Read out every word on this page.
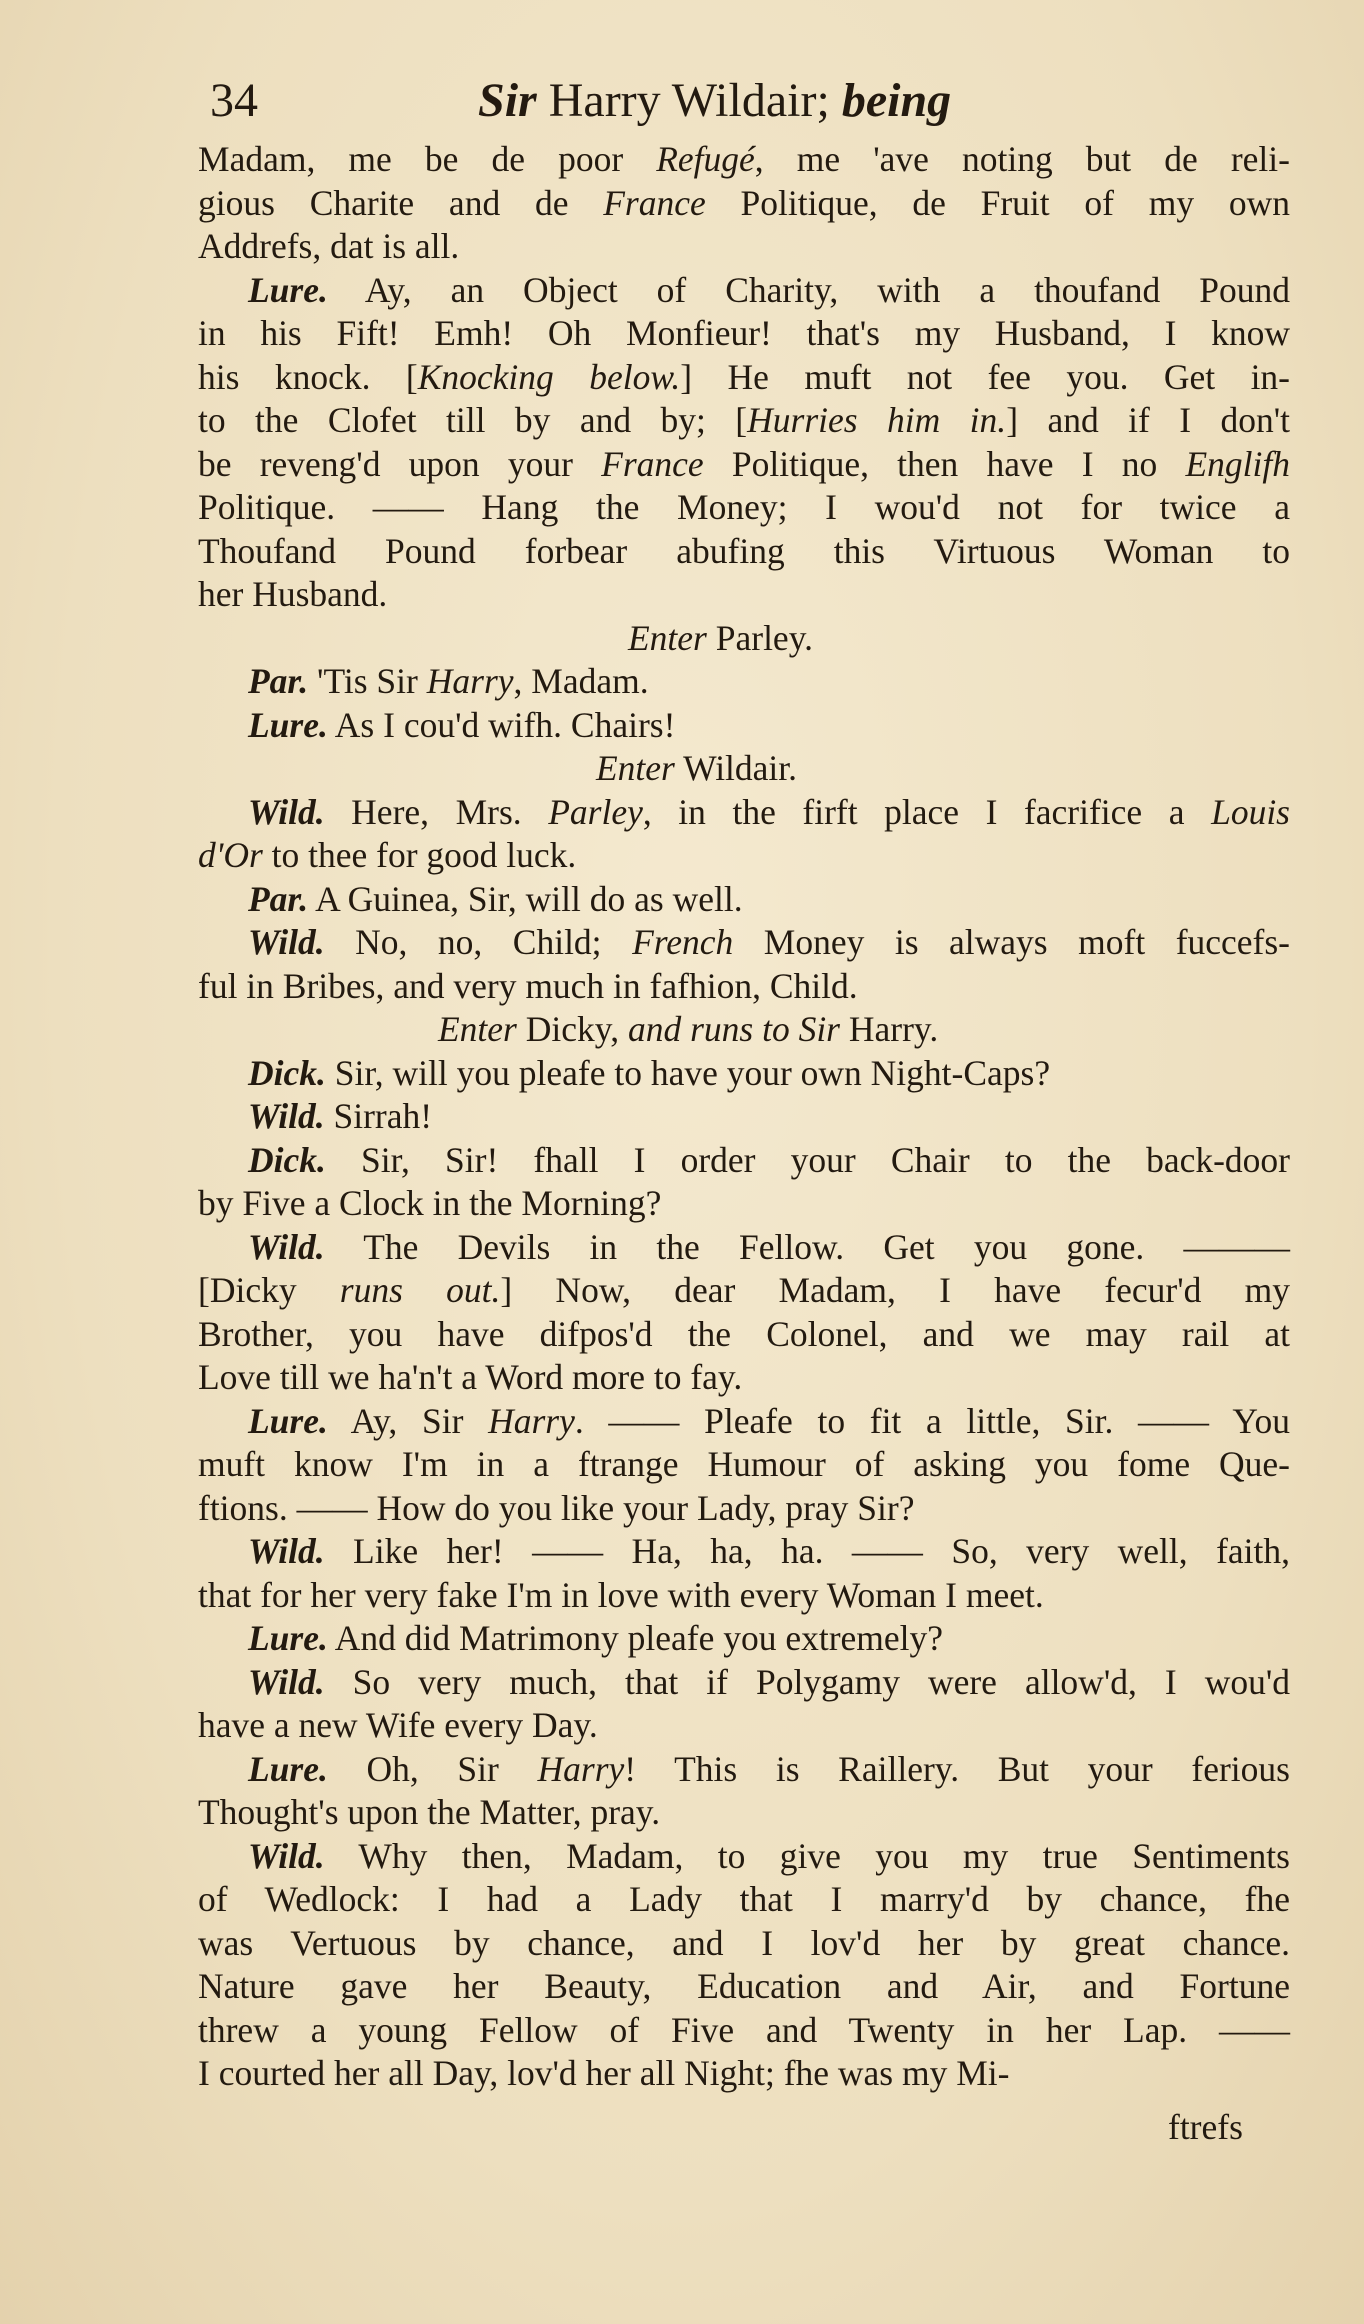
34	Sir Harry Wildair; being
Madam, me be de poor Refugé, me 'ave noting but de reli-
gious Charite and de France Politique, de Fruit of my own
Addrefs, dat is all.
Lure. Ay, an Object of Charity, with a thoufand Pound
in his Fift! Emh! Oh Monfieur! that's my Husband, I know
his knock. [Knocking below.] He muft not fee you. Get in-
to the Clofet till by and by; [Hurries him in.] and if I don't
be reveng'd upon your France Politique, then have I no Englifh
Politique. —— Hang the Money; I wou'd not for twice a
Thoufand Pound forbear abufing this Virtuous Woman to
her Husband.
Enter Parley.
Par. 'Tis Sir Harry, Madam.
Lure. As I cou'd wifh. Chairs!
Enter Wildair.
Wild. Here, Mrs. Parley, in the firft place I facrifice a Louis
d'Or to thee for good luck.
Par. A Guinea, Sir, will do as well.
Wild. No, no, Child; French Money is always moft fuccefs-
ful in Bribes, and very much in fafhion, Child.
Enter Dicky, and runs to Sir Harry.
Dick. Sir, will you pleafe to have your own Night-Caps?
Wild. Sirrah!
Dick. Sir, Sir! fhall I order your Chair to the back-door
by Five a Clock in the Morning?
Wild. The Devils in the Fellow. Get you gone. ———
[Dicky runs out.] Now, dear Madam, I have fecur'd my
Brother, you have difpos'd the Colonel, and we may rail at
Love till we ha'n't a Word more to fay.
Lure. Ay, Sir Harry. —— Pleafe to fit a little, Sir. —— You
muft know I'm in a ftrange Humour of asking you fome Que-
ftions. —— How do you like your Lady, pray Sir?
Wild. Like her! —— Ha, ha, ha. —— So, very well, faith,
that for her very fake I'm in love with every Woman I meet.
Lure. And did Matrimony pleafe you extremely?
Wild. So very much, that if Polygamy were allow'd, I wou'd
have a new Wife every Day.
Lure. Oh, Sir Harry! This is Raillery. But your ferious
Thought's upon the Matter, pray.
Wild. Why then, Madam, to give you my true Sentiments
of Wedlock: I had a Lady that I marry'd by chance, fhe
was Vertuous by chance, and I lov'd her by great chance.
Nature gave her Beauty, Education and Air, and Fortune
threw a young Fellow of Five and Twenty in her Lap. ——
I courted her all Day, lov'd her all Night; fhe was my Mi-
ftrefs
